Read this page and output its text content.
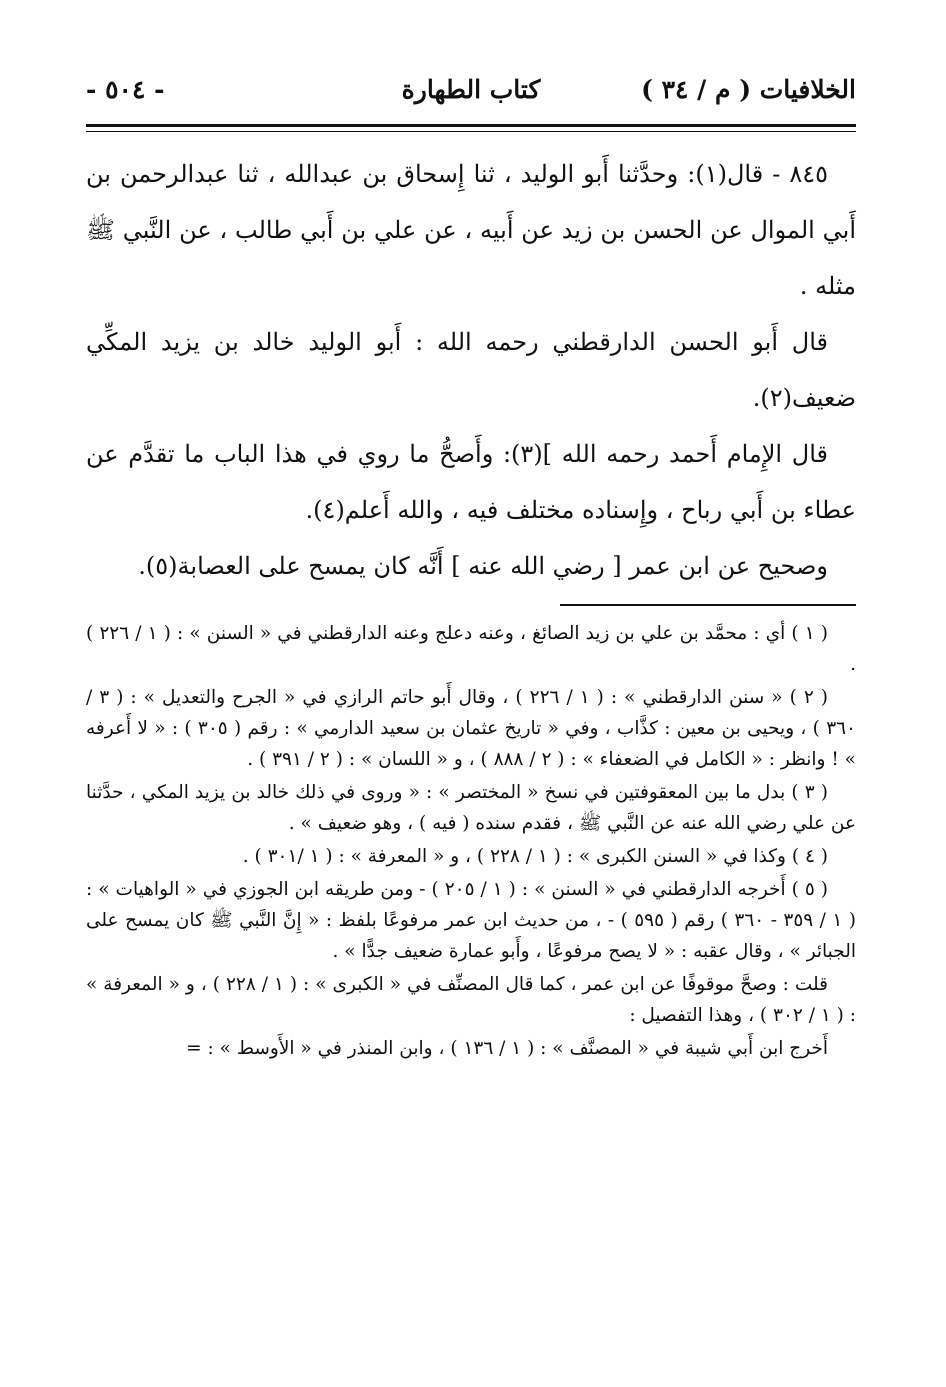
الخلافيات ( م / ٣٤ )
كتاب الطهارة
- ٥٠٤ -

٨٤٥ - قال(١): وحدَّثنا أَبو الوليد ، ثنا إِسحاق بن عبدالله ، ثنا عبدالرحمن بن أَبي الموال عن الحسن بن زيد عن أَبيه ، عن علي بن أَبي طالب ، عن النَّبي ﷺ مثله .

قال أَبو الحسن الدارقطني رحمه الله : أَبو الوليد خالد بن يزيد المكِّي ضعيف(٢).

قال الإِمام أَحمد رحمه الله ](٣): وأَصحُّ ما روي في هذا الباب ما تقدَّم عن عطاء بن أَبي رباح ، وإِسناده مختلف فيه ، والله أَعلم(٤).

وصحيح عن ابن عمر [ رضي الله عنه ] أَنَّه كان يمسح على العصابة(٥).

( ١ ) أي : محمَّد بن علي بن زيد الصائغ ، وعنه دعلج وعنه الدارقطني في « السنن » : ( ١ / ٢٢٦ ) .

( ٢ ) « سنن الدارقطني » : ( ١ / ٢٢٦ ) ، وقال أَبو حاتم الرازي في « الجرح والتعديل » : ( ٣ / ٣٦٠ ) ، ويحيى بن معين : كذَّاب ، وفي « تاريخ عثمان بن سعيد الدارمي » : رقم ( ٣٠٥ ) : « لا أَعرفه » ! وانظر : « الكامل في الضعفاء » : ( ٢ / ٨٨٨ ) ، و « اللسان » : ( ٢ / ٣٩١ ) .

( ٣ ) بدل ما بين المعقوفتين في نسخ « المختصر » : « وروى في ذلك خالد بن يزيد المكي ، حدَّثنا عن علي رضي الله عنه عن النَّبي ﷺ ، فقدم سنده ( فيه ) ، وهو ضعيف » .

( ٤ ) وكذا في « السنن الكبرى » : ( ١ / ٢٢٨ ) ، و « المعرفة » : ( ١ /٣٠١ ) .

( ٥ ) أَخرجه الدارقطني في « السنن » : ( ١ / ٢٠٥ ) - ومن طريقه ابن الجوزي في « الواهيات » : ( ١ / ٣٥٩ - ٣٦٠ ) رقم ( ٥٩٥ ) - ، من حديث ابن عمر مرفوعًا بلفظ : « إِنَّ النَّبي ﷺ كان يمسح على الجبائر » ، وقال عقبه : « لا يصح مرفوعًا ، وأَبو عمارة ضعيف جدًّا » .

قلت : وصحَّ موقوفًا عن ابن عمر ، كما قال المصنِّف في « الكبرى » : ( ١ / ٢٢٨ ) ، و « المعرفة » : ( ١ / ٣٠٢ ) ، وهذا التفصيل :

أَخرج ابن أَبي شيبة في « المصنَّف » : ( ١ / ١٣٦ ) ، وابن المنذر في « الأَوسط » : =
